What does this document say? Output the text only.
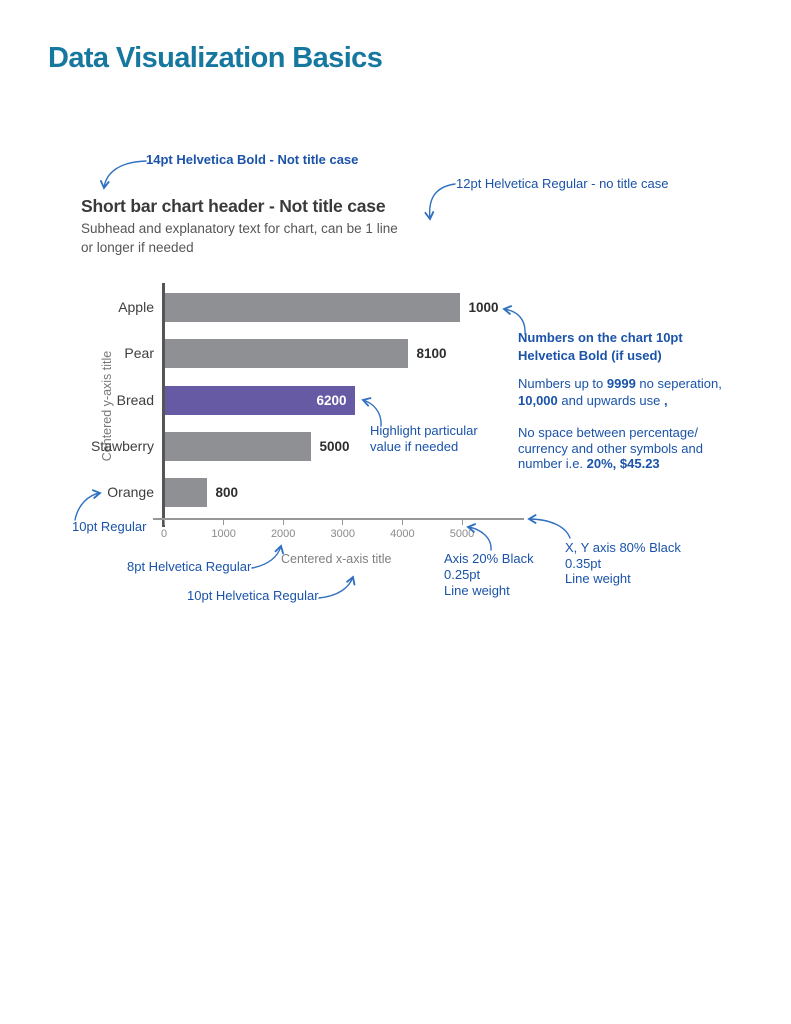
Data Visualization Basics
14pt Helvetica Bold - Not title case
12pt Helvetica Regular - no title case
Short bar chart header - Not title case
Subhead and explanatory text for chart, can be 1 line
or longer if needed
Centered y-axis title
Centered x-axis title
Apple	1000
Pear	8100
Bread	6200
Stawberry	5000
Orange	800
0	1000	2000	3000	4000	5000
Numbers on the chart 10pt
Helvetica Bold (if used)
Numbers up to 9999 no seperation,
10,000 and upwards use ,
No space between percentage/
currency and other symbols and
number i.e. 20%, $45.23
Highlight particular
value if needed
10pt Regular
8pt Helvetica Regular
10pt Helvetica Regular
Axis 20% Black
0.25pt
Line weight
X, Y axis 80% Black
0.35pt
Line weight
